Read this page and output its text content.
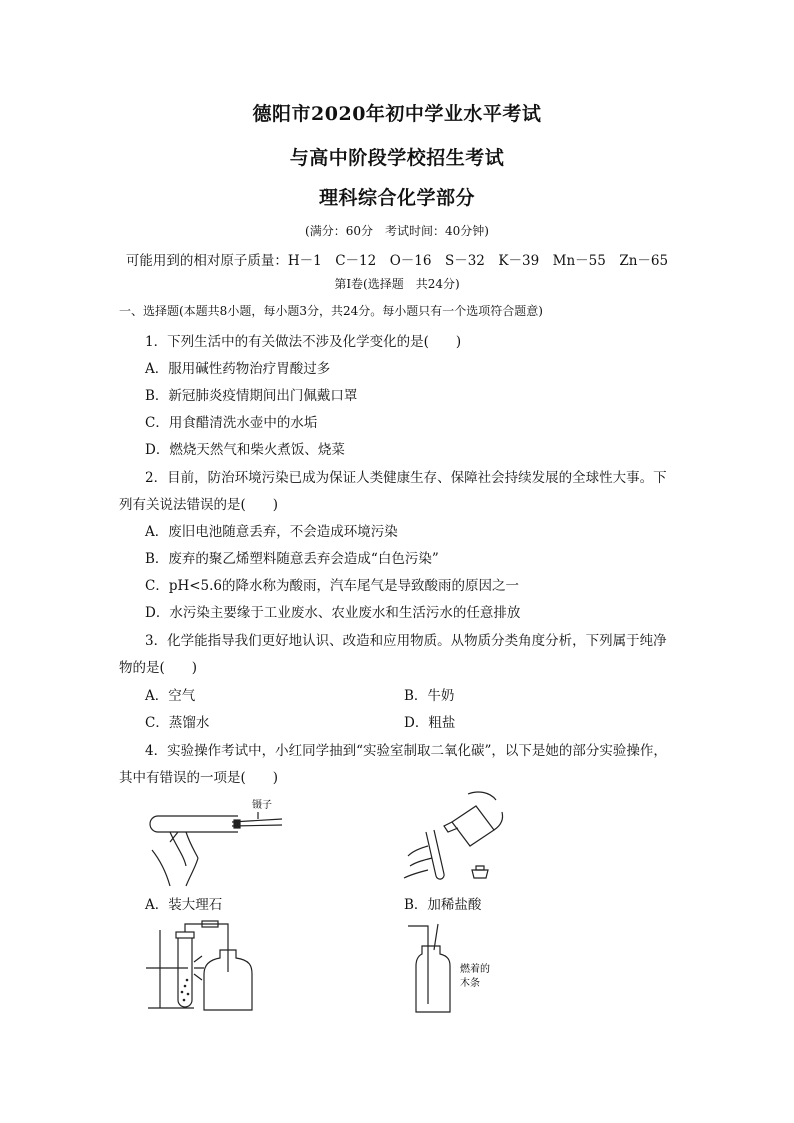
德阳市2020年初中学业水平考试
与高中阶段学校招生考试
理科综合化学部分
(满分：60分　考试时间：40分钟)
可能用到的相对原子质量：H－1　C－12　O－16　S－32　K－39　Mn－55　Zn－65
第Ⅰ卷(选择题　共24分)
一、选择题(本题共8小题，每小题3分，共24分。每小题只有一个选项符合题意)
1．下列生活中的有关做法不涉及化学变化的是(　　)
A．服用碱性药物治疗胃酸过多
B．新冠肺炎疫情期间出门佩戴口罩
C．用食醋清洗水壶中的水垢
D．燃烧天然气和柴火煮饭、烧菜
2．目前，防治环境污染已成为保证人类健康生存、保障社会持续发展的全球性大事。下
列有关说法错误的是(　　)
A．废旧电池随意丢弃，不会造成环境污染
B．废弃的聚乙烯塑料随意丢弃会造成“白色污染”
C．pH<5.6的降水称为酸雨，汽车尾气是导致酸雨的原因之一
D．水污染主要缘于工业废水、农业废水和生活污水的任意排放
3．化学能指导我们更好地认识、改造和应用物质。从物质分类角度分析，下列属于纯净
物的是(　　)
A．空气	B．牛奶
C．蒸馏水	D．粗盐
4．实验操作考试中，小红同学抽到“实验室制取二氧化碳”，以下是她的部分实验操作，
其中有错误的一项是(　　)
镊子
A．装大理石	B．加稀盐酸
燃着的
木条
